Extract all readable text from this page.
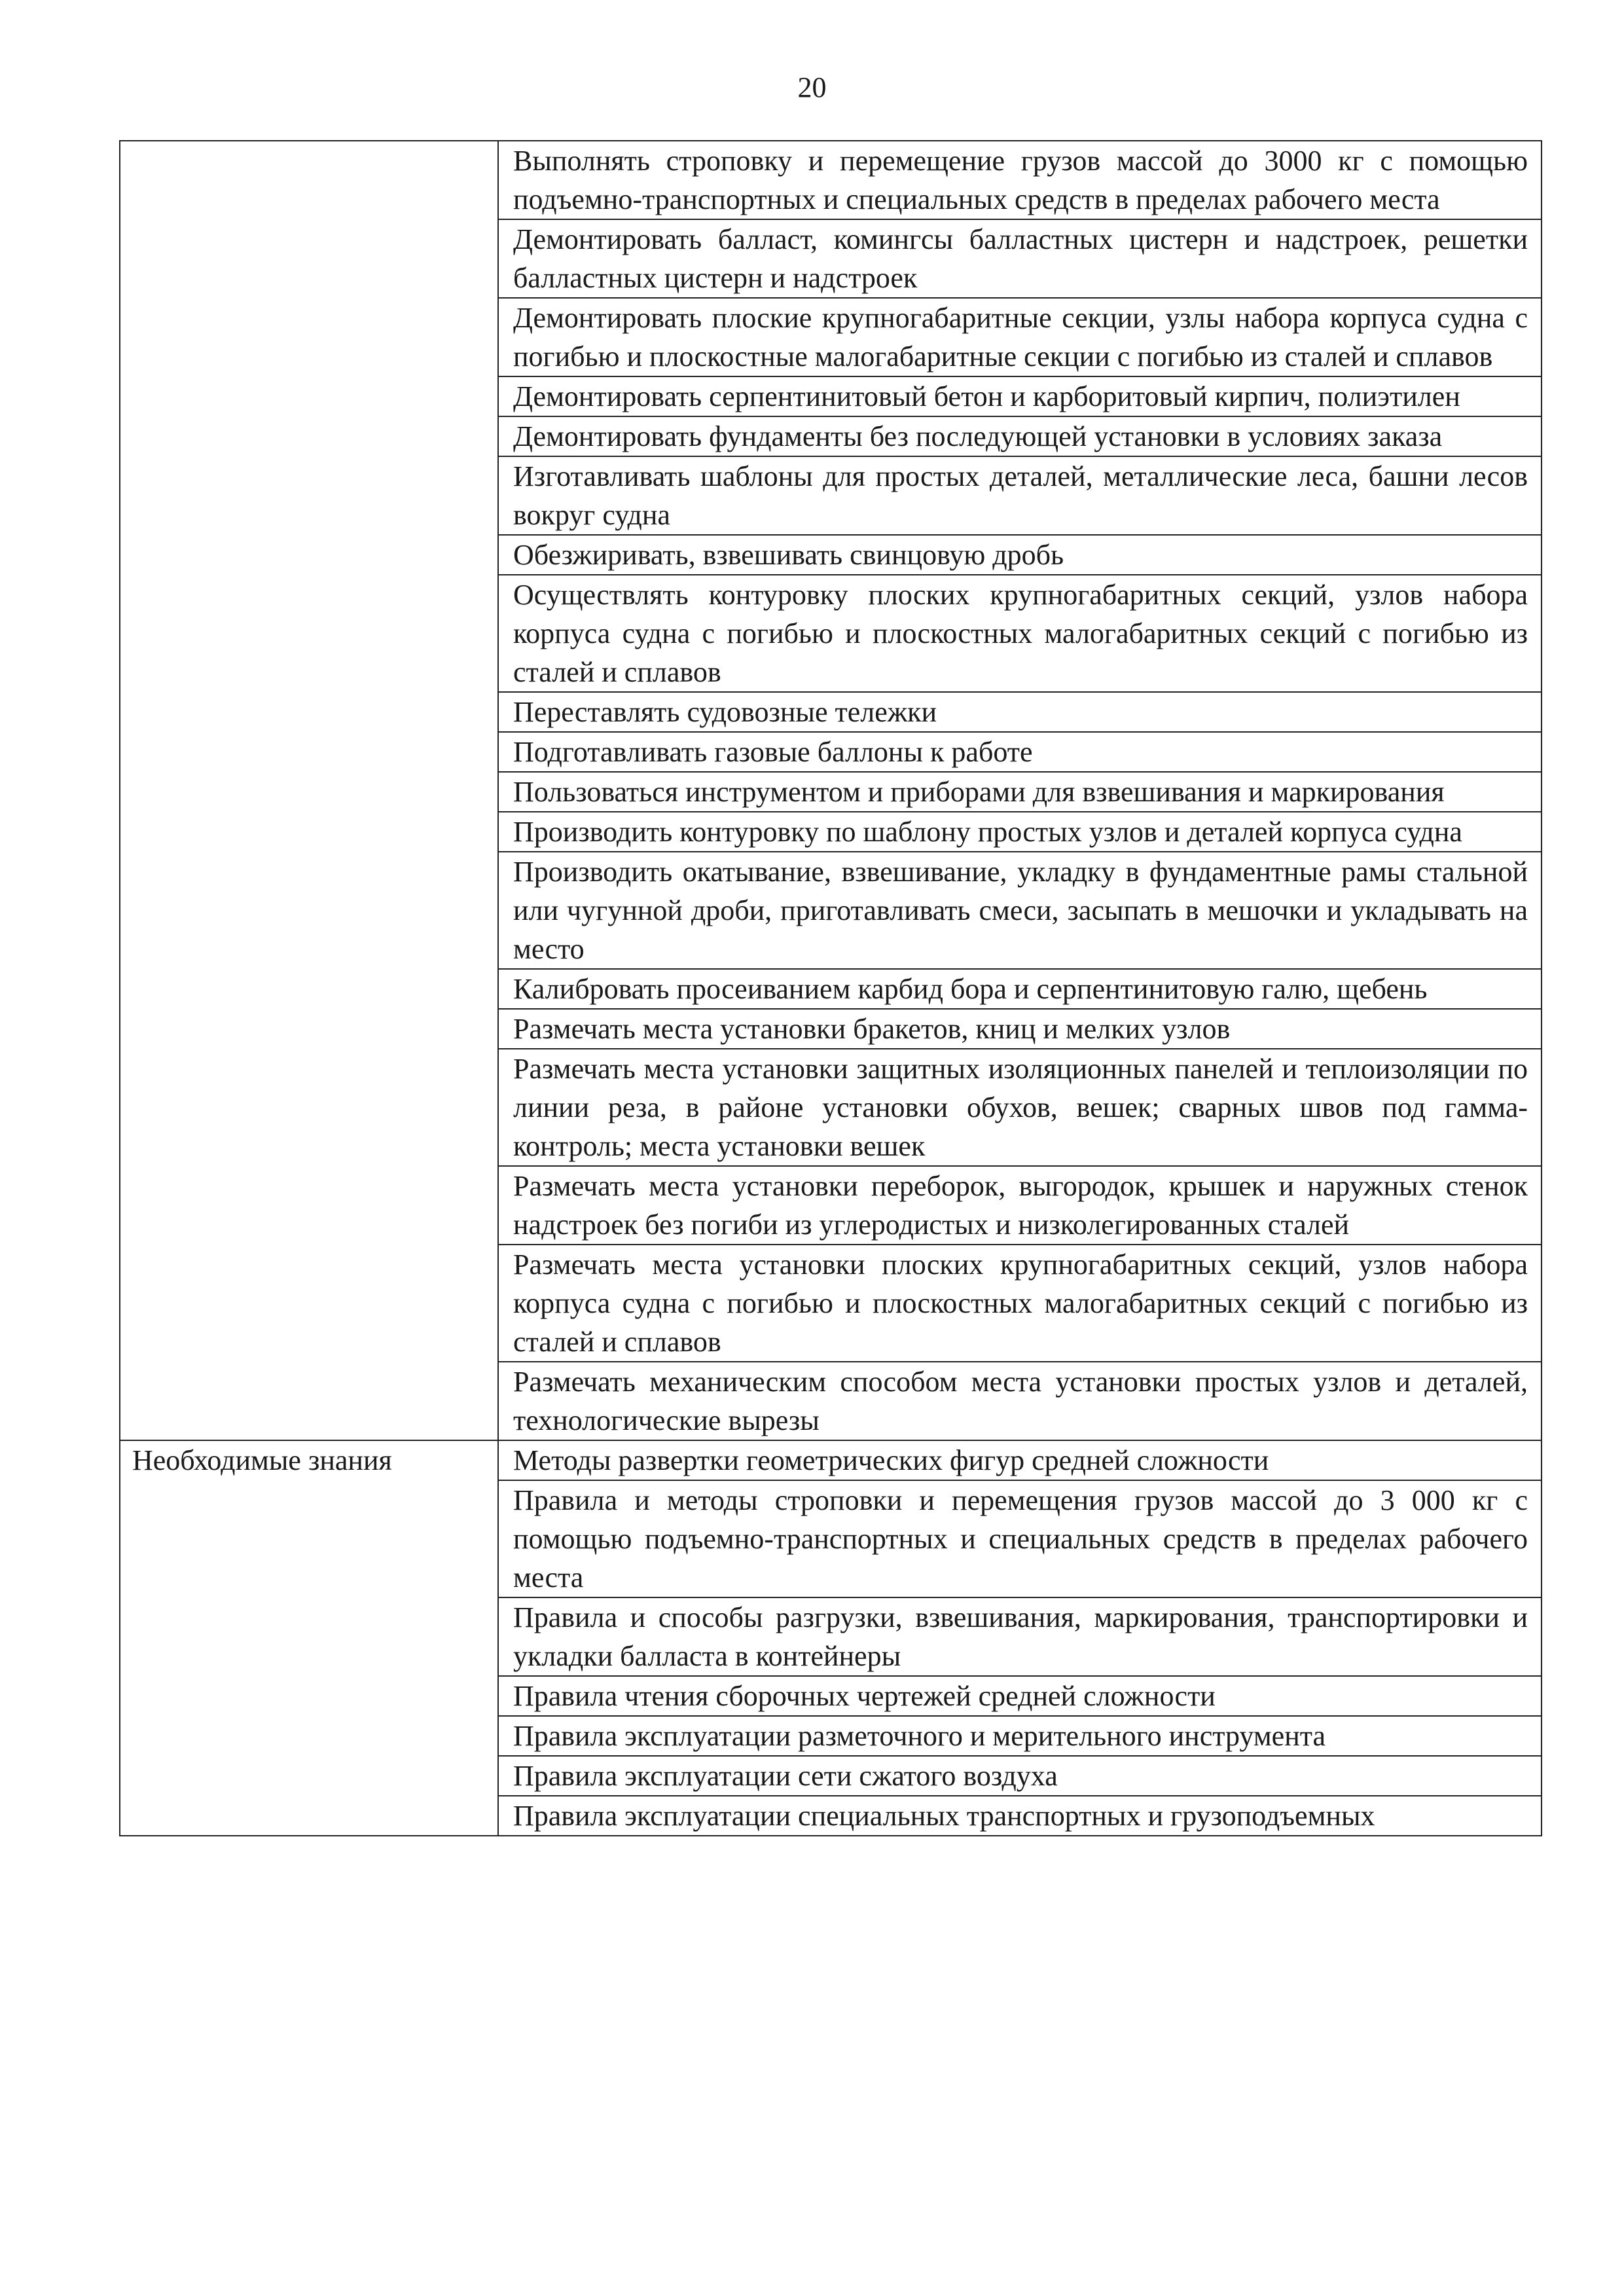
20
	Выполнять строповку и перемещение грузов массой до 3000 кг с помощью подъемно-транспортных и специальных средств в пределах рабочего места
	Демонтировать балласт, комингсы балластных цистерн и надстроек, решетки балластных цистерн и надстроек
	Демонтировать плоские крупногабаритные секции, узлы набора корпуса судна с погибью и плоскостные малогабаритные секции с погибью из сталей и сплавов
	Демонтировать серпентинитовый бетон и карборитовый кирпич, полиэтилен
	Демонтировать фундаменты без последующей установки в условиях заказа
	Изготавливать шаблоны для простых деталей, металлические леса, башни лесов вокруг судна
	Обезжиривать, взвешивать свинцовую дробь
	Осуществлять контуровку плоских крупногабаритных секций, узлов набора корпуса судна с погибью и плоскостных малогабаритных секций с погибью из сталей и сплавов
	Переставлять судовозные тележки
	Подготавливать газовые баллоны к работе
	Пользоваться инструментом и приборами для взвешивания и маркирования
	Производить контуровку по шаблону простых узлов и деталей корпуса судна
	Производить окатывание, взвешивание, укладку в фундаментные рамы стальной или чугунной дроби, приготавливать смеси, засыпать в мешочки и укладывать на место
	Калибровать просеиванием карбид бора и серпентинитовую галю, щебень
	Размечать места установки бракетов, книц и мелких узлов
	Размечать места установки защитных изоляционных панелей и теплоизоляции по линии реза, в районе установки обухов, вешек; сварных швов под гамма-контроль; места установки вешек
	Размечать места установки переборок, выгородок, крышек и наружных стенок надстроек без погиби из углеродистых и низколегированных сталей
	Размечать места установки плоских крупногабаритных секций, узлов набора корпуса судна с погибью и плоскостных малогабаритных секций с погибью из сталей и сплавов
	Размечать механическим способом места установки простых узлов и деталей, технологические вырезы
Необходимые знания	Методы развертки геометрических фигур средней сложности
	Правила и методы строповки и перемещения грузов массой до 3 000 кг с помощью подъемно-транспортных и специальных средств в пределах рабочего места
	Правила и способы разгрузки, взвешивания, маркирования, транспортировки и укладки балласта в контейнеры
	Правила чтения сборочных чертежей средней сложности
	Правила эксплуатации разметочного и мерительного инструмента
	Правила эксплуатации сети сжатого воздуха
	Правила эксплуатации специальных транспортных и грузоподъемных
